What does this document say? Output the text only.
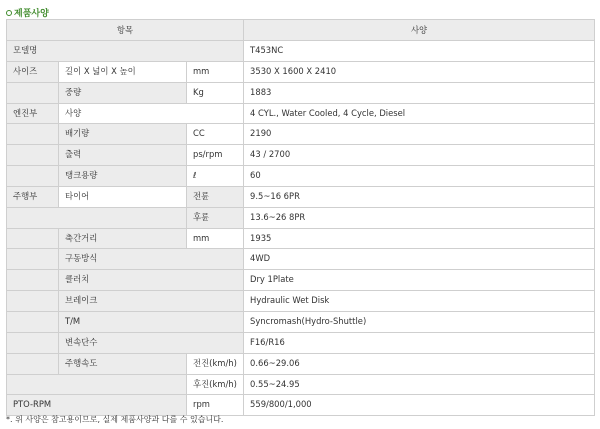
제품사양
항목			사양
모델명			T453NC
사이즈	길이 X 넓이 X 높이	mm	3530 X 1600 X 2410
	중량	Kg	1883
엔진부	사양		4 CYL., Water Cooled, 4 Cycle, Diesel
	배기량	CC	2190
	출력	ps/rpm	43 / 2700
	탱크용량	ℓ	60
주행부	타이어	전륜	9.5~16 6PR
		후륜	13.6~26 8PR
	축간거리	mm	1935
	구동방식		4WD
	클러치		Dry 1Plate
	브레이크		Hydraulic Wet Disk
	T/M		Syncromash(Hydro-Shuttle)
	변속단수		F16/R16
	주행속도	전진(km/h)	0.66~29.06
		후진(km/h)	0.55~24.95
PTO-RPM		rpm	559/800/1,000
*. 위 사양은 참고용이므로, 실제 제품사양과 다를 수 있습니다.
